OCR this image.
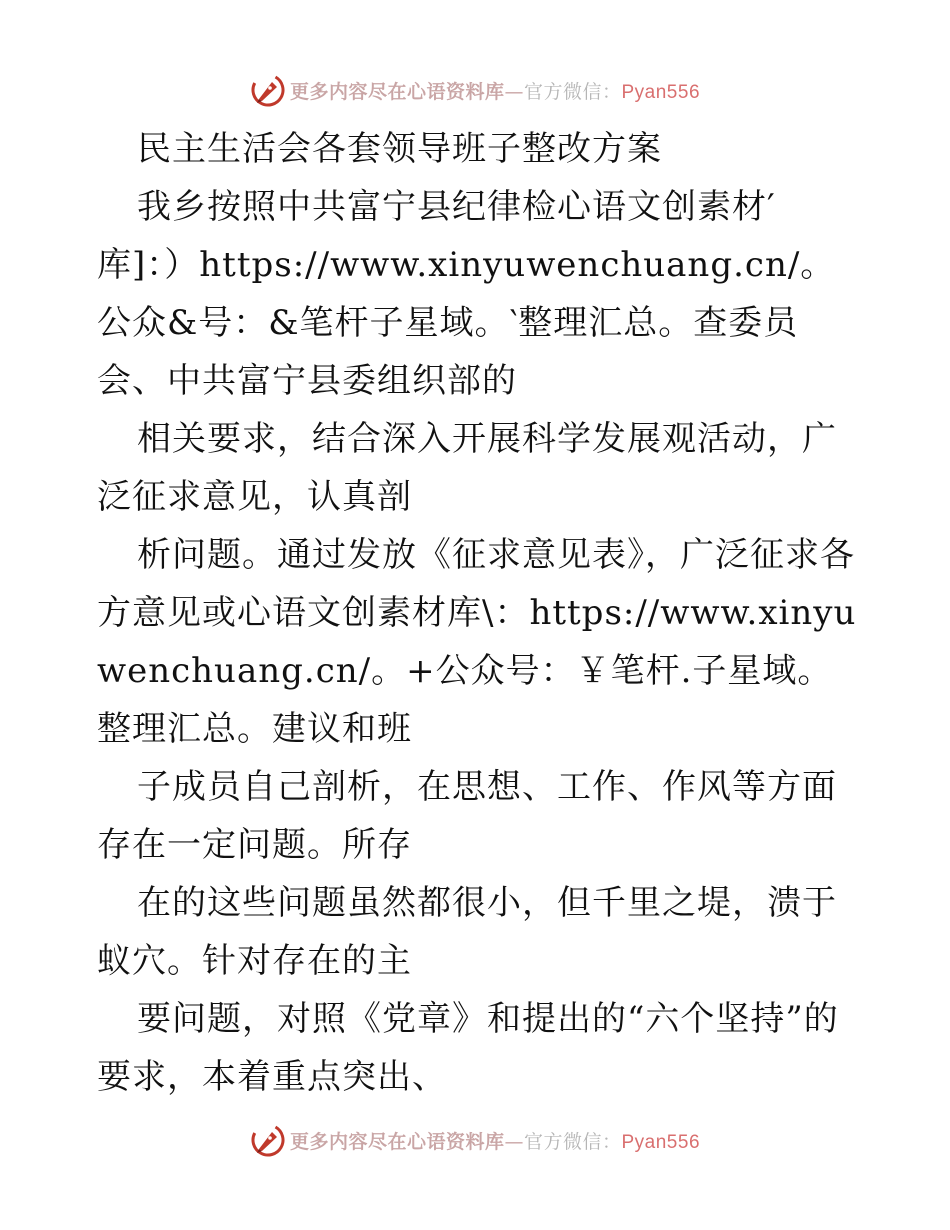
更多内容尽在心语资料库—官方微信：Pyan556

民主生活会各套领导班子整改方案

我乡按照中共富宁县纪律检心语文创素材′库]：）https://www.xinyuwenchuang.cn/。公众&号：&笔杆子星域。‵整理汇总。查委员会、中共富宁县委组织部的

相关要求，结合深入开展科学发展观活动，广泛征求意见，认真剖

析问题。通过发放《征求意见表》，广泛征求各方意见或心语文创素材库\：https://www.xinyuwenchuang.cn/。+公众号：￥笔杆.子星域。整理汇总。建议和班

子成员自己剖析，在思想、工作、作风等方面存在一定问题。所存

在的这些问题虽然都很小，但千里之堤，溃于蚁穴。针对存在的主

要问题，对照《党章》和提出的“六个坚持”的要求，本着重点突出、

更多内容尽在心语资料库—官方微信：Pyan556
